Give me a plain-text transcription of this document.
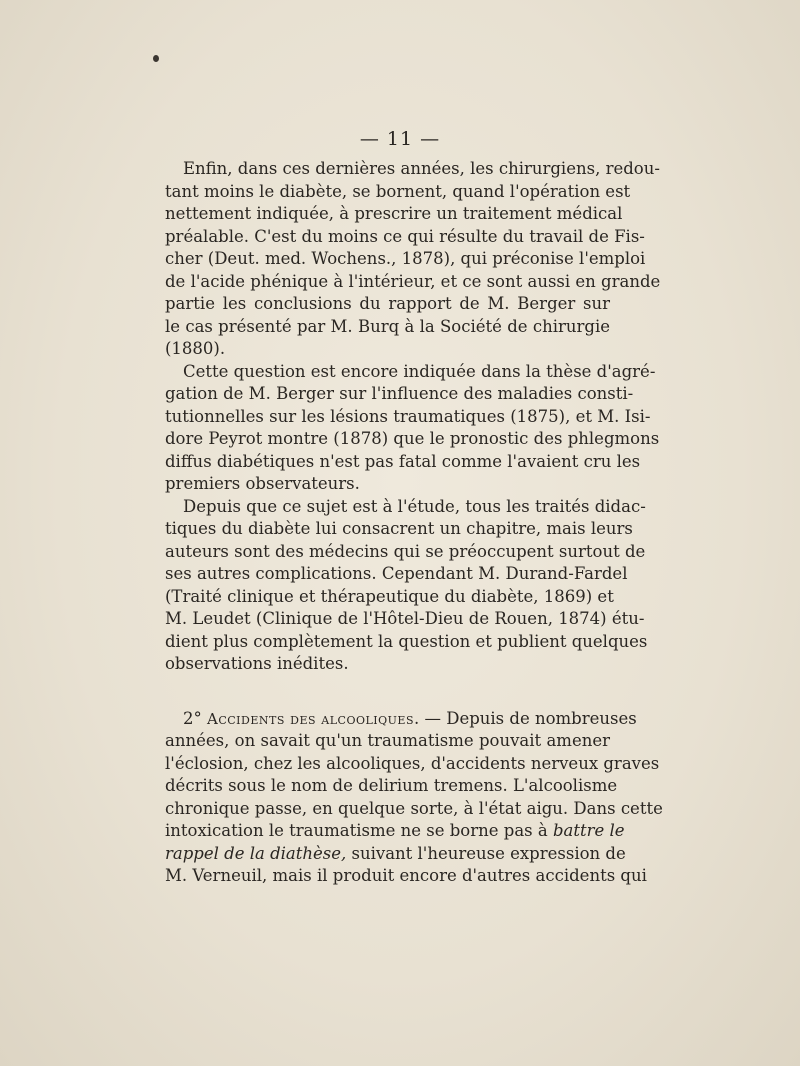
— 11 —
Enfin, dans ces dernières années, les chirurgiens, redou-
tant moins le diabète, se bornent, quand l'opération est
nettement indiquée, à prescrire un traitement médical
préalable. C'est du moins ce qui résulte du travail de Fis-
cher (Deut. med. Wochens., 1878), qui préconise l'emploi
de l'acide phénique à l'intérieur, et ce sont aussi en grande
partie les conclusions du rapport de M. Berger sur
le cas présenté par M. Burq à la Société de chirurgie
(1880).
Cette question est encore indiquée dans la thèse d'agré-
gation de M. Berger sur l'influence des maladies consti-
tutionnelles sur les lésions traumatiques (1875), et M. Isi-
dore Peyrot montre (1878) que le pronostic des phlegmons
diffus diabétiques n'est pas fatal comme l'avaient cru les
premiers observateurs.
Depuis que ce sujet est à l'étude, tous les traités didac-
tiques du diabète lui consacrent un chapitre, mais leurs
auteurs sont des médecins qui se préoccupent surtout de
ses autres complications. Cependant M. Durand-Fardel
(Traité clinique et thérapeutique du diabète, 1869) et
M. Leudet (Clinique de l'Hôtel-Dieu de Rouen, 1874) étu-
dient plus complètement la question et publient quelques
observations inédites.
2° Accidents des alcooliques. — Depuis de nombreuses
années, on savait qu'un traumatisme pouvait amener
l'éclosion, chez les alcooliques, d'accidents nerveux graves
décrits sous le nom de delirium tremens. L'alcoolisme
chronique passe, en quelque sorte, à l'état aigu. Dans cette
intoxication le traumatisme ne se borne pas à battre le
rappel de la diathèse, suivant l'heureuse expression de
M. Verneuil, mais il produit encore d'autres accidents qui
